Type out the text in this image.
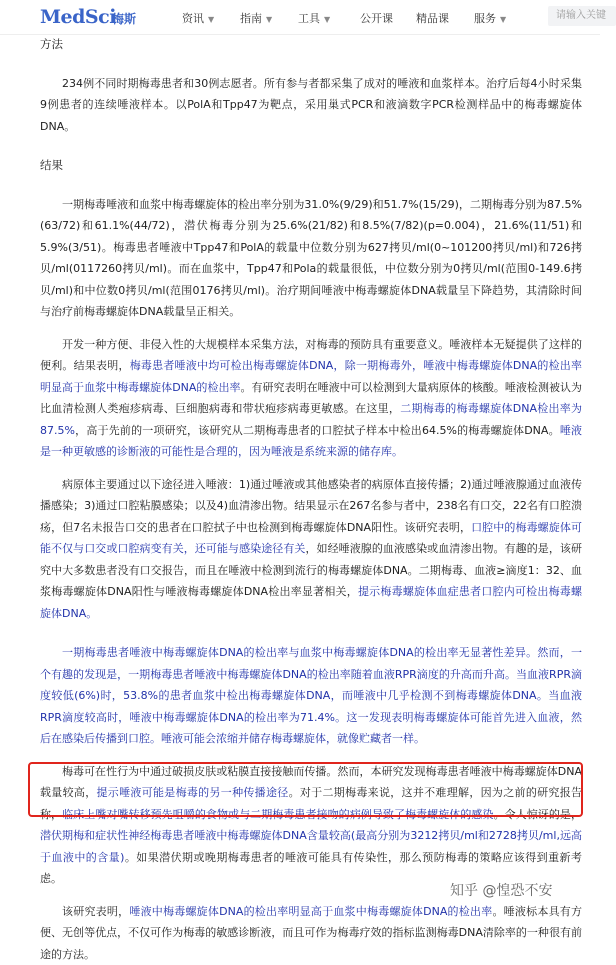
MedSci
梅斯	资讯 ▼ 指南 ▼ 工具 ▼	公开课 精品课 服务 ▼	请输入关键

方法

234例不同时期梅毒患者和30例志愿者。所有参与者都采集了成对的唾液和血浆样本。治疗后每4小时采集9例患者的连续唾液样本。以PolA和Tpp47为靶点，采用巢式PCR和液滴数字PCR检测样品中的梅毒螺旋体DNA。

结果

一期梅毒唾液和血浆中梅毒螺旋体的检出率分别为31.0%(9/29)和51.7%(15/29)，二期梅毒分别为87.5%(63/72)和61.1%(44/72)，潜伏梅毒分别为25.6%(21/82)和8.5%(7/82)(p=0.004)，21.6%(11/51)和5.9%(3/51)。梅毒患者唾液中Tpp47和PolA的载量中位数分别为627拷贝/ml(0~101200拷贝/ml)和726拷贝/ml(0117260拷贝/ml)。而在血浆中，Tpp47和Pola的载量很低，中位数分别为0拷贝/ml(范围0-149.6拷贝/ml)和中位数0拷贝/ml(范围0176拷贝/ml)。治疗期间唾液中梅毒螺旋体DNA载量呈下降趋势，其清除时间与治疗前梅毒螺旋体DNA载量呈正相关。

开发一种方便、非侵入性的大规模样本采集方法，对梅毒的预防具有重要意义。唾液样本无疑提供了这样的便利。结果表明，梅毒患者唾液中均可检出梅毒螺旋体DNA，除一期梅毒外，唾液中梅毒螺旋体DNA的检出率明显高于血浆中梅毒螺旋体DNA的检出率。有研究表明在唾液中可以检测到大量病原体的核酸。唾液检测被认为比血清检测人类疱疹病毒、巨细胞病毒和带状疱疹病毒更敏感。在这里，二期梅毒的梅毒螺旋体DNA检出率为87.5%，高于先前的一项研究，该研究从二期梅毒患者的口腔拭子样本中检出64.5%的梅毒螺旋体DNA。唾液是一种更敏感的诊断液的可能性是合理的，因为唾液是系统来源的储存库。

病原体主要通过以下途径进入唾液：1)通过唾液或其他感染者的病原体直接传播；2)通过唾液腺通过血液传播感染；3)通过口腔粘膜感染；以及4)血清渗出物。结果显示在267名参与者中，238名有口交，22名有口腔溃疡，但7名未报告口交的患者在口腔拭子中也检测到梅毒螺旋体DNA阳性。该研究表明，口腔中的梅毒螺旋体可能不仅与口交或口腔病变有关，还可能与感染途径有关，如经唾液腺的血液感染或血清渗出物。有趣的是，该研究中大多数患者没有口交报告，而且在唾液中检测到流行的梅毒螺旋体DNA。二期梅毒、血液≥滴度1：32、血浆梅毒螺旋体DNA阳性与唾液梅毒螺旋体DNA检出率显著相关，提示梅毒螺旋体血症患者口腔内可检出梅毒螺旋体DNA。

一期梅毒患者唾液中梅毒螺旋体DNA的检出率与血浆中梅毒螺旋体DNA的检出率无显著性差异。然而，一个有趣的发现是，一期梅毒患者唾液中梅毒螺旋体DNA的检出率随着血液RPR滴度的升高而升高。当血液RPR滴度较低(6%)时，53.8%的患者血浆中检出梅毒螺旋体DNA，而唾液中几乎检测不到梅毒螺旋体DNA。当血液RPR滴度较高时，唾液中梅毒螺旋体DNA的检出率为71.4%。这一发现表明梅毒螺旋体可能首先进入血液，然后在感染后传播到口腔。唾液可能会浓缩并储存梅毒螺旋体，就像贮藏者一样。

梅毒可在性行为中通过破损皮肤或粘膜直接接触而传播。然而，本研究发现梅毒患者唾液中梅毒螺旋体DNA载量较高，提示唾液可能是梅毒的另一种传播途径。对于二期梅毒来说，这并不难理解，因为之前的研究报告称，临床上嘴对嘴转移预先咀嚼的食物或与二期梅毒患者接吻的病例导致了梅毒螺旋体的感染。令人惊讶的是，潜伏期梅和症状性神经梅毒患者唾液中梅毒螺旋体DNA含量较高(最高分别为3212拷贝/ml和2728拷贝/ml,远高于血液中的含量)。如果潜伏期或晚期梅毒患者的唾液可能具有传染性，那么预防梅毒的策略应该得到重新考虑。

该研究表明，唾液中梅毒螺旋体DNA的检出率明显高于血浆中梅毒螺旋体DNA的检出率。唾液标本具有方便、无创等优点，不仅可作为梅毒的敏感诊断液，而且可作为梅毒疗效的指标监测梅毒DNA清除率的一种很有前途的方法。

知乎 @惶恐不安
